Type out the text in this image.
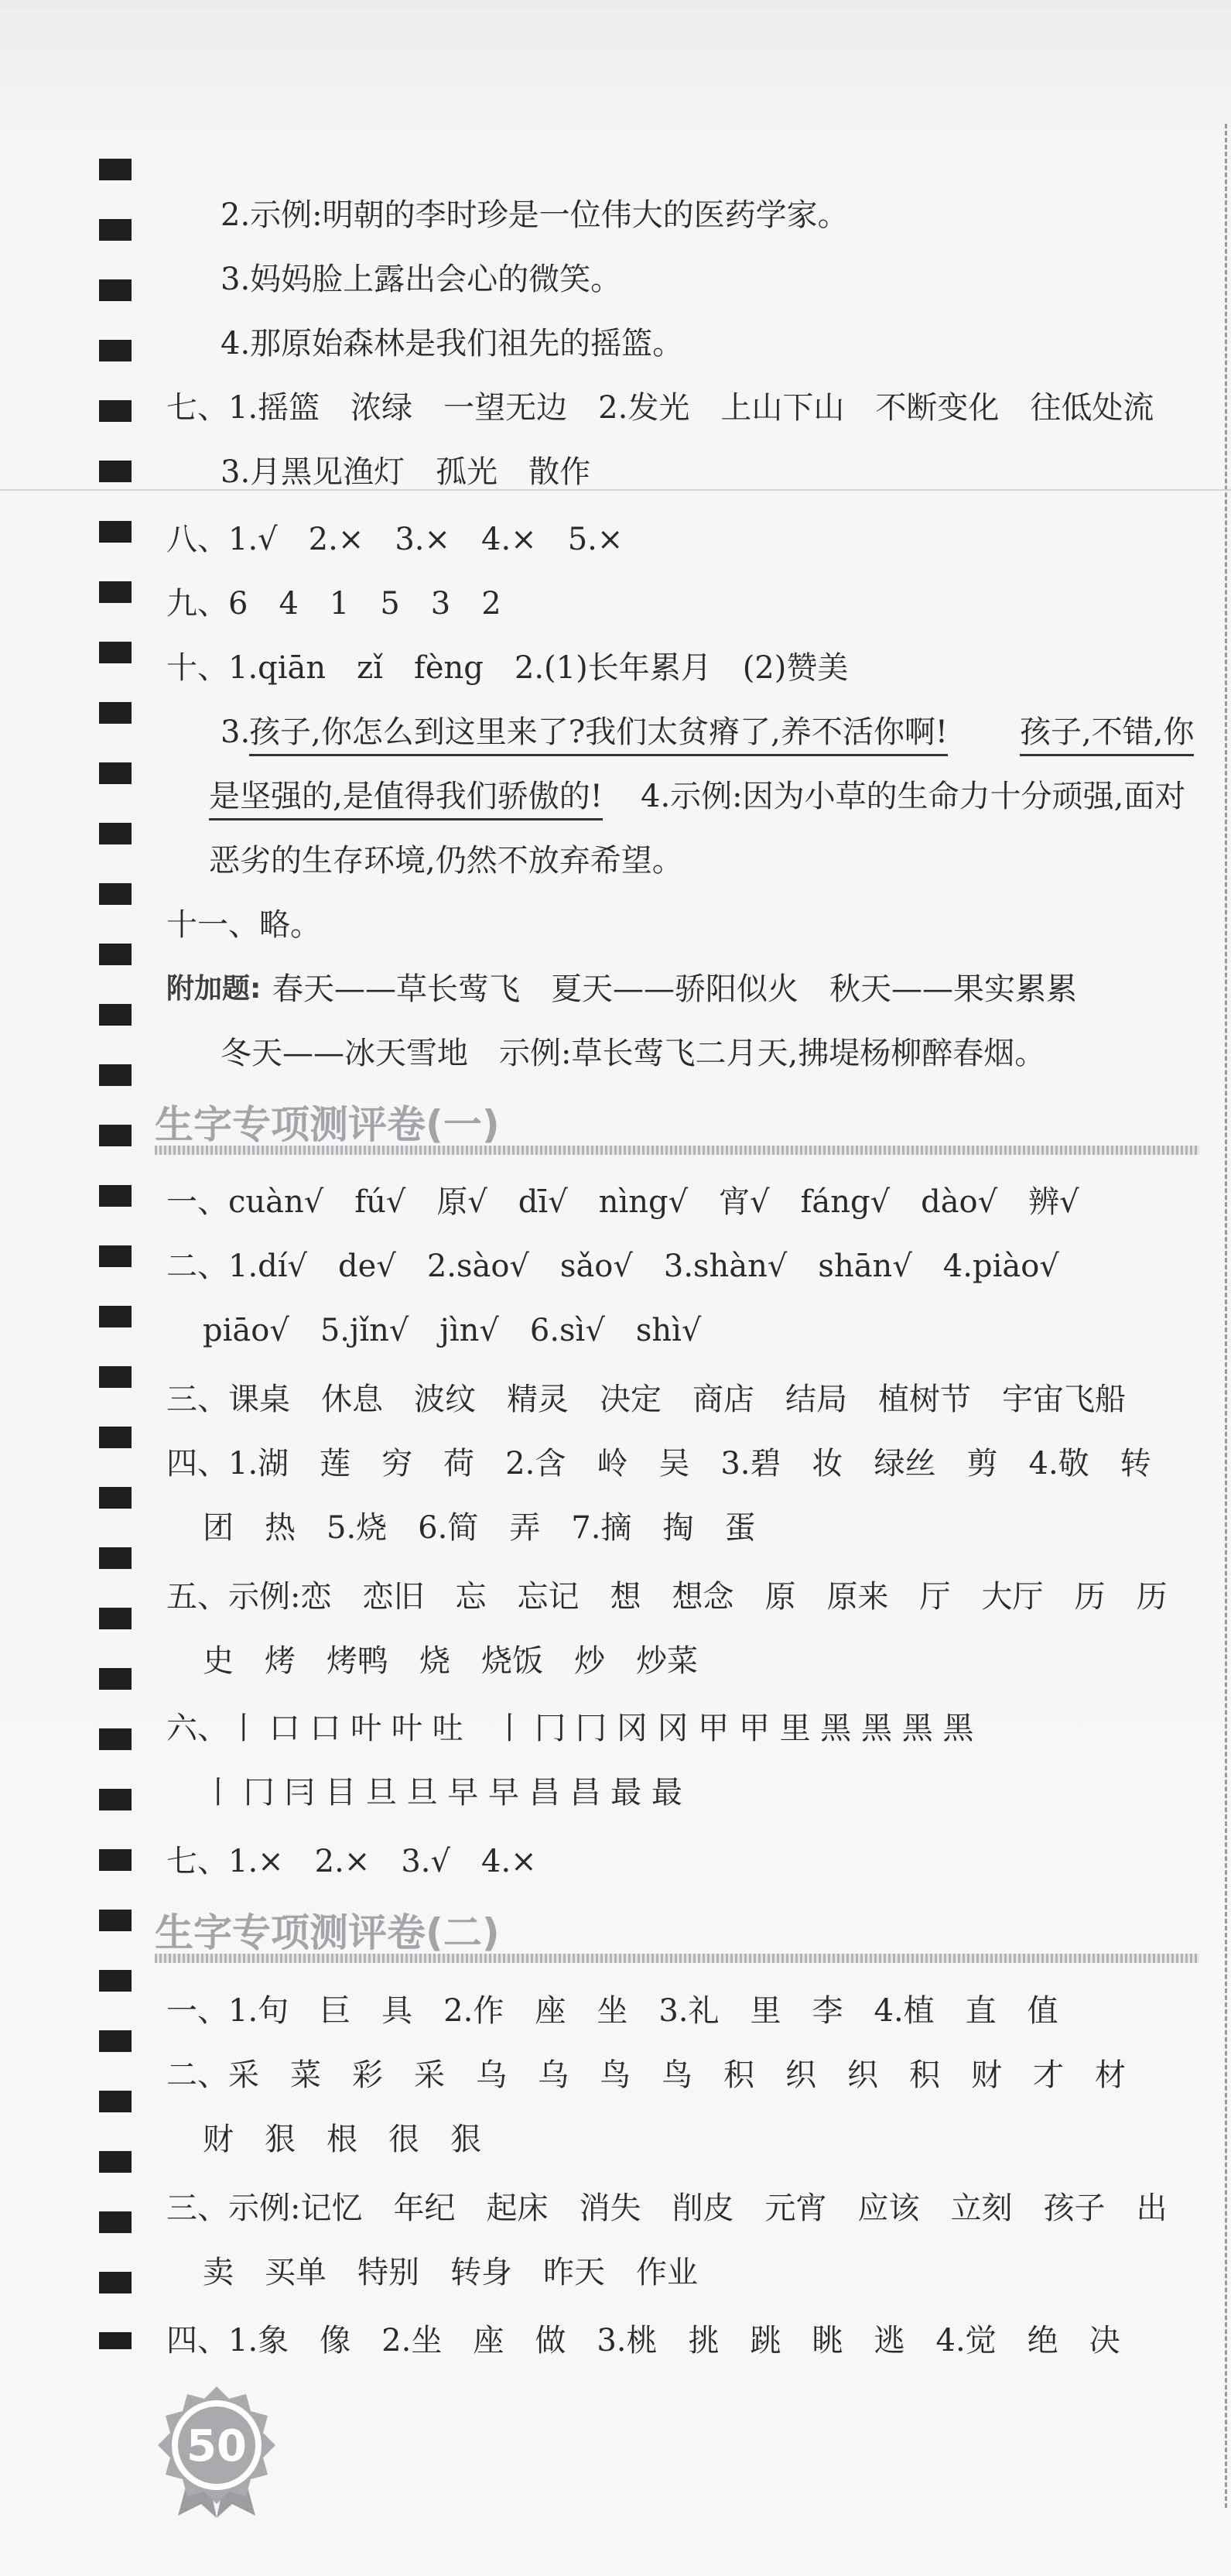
2.示例:明朝的李时珍是一位伟大的医药学家。
3.妈妈脸上露出会心的微笑。
4.那原始森林是我们祖先的摇篮。
七、1.摇篮　浓绿　一望无边　2.发光　上山下山　不断变化　往低处流
3.月黑见渔灯　孤光　散作
八、1.√　2.×　3.×　4.×　5.×
九、6　4　1　5　3　2
十、1.qiān　zǐ　fèng　2.(1)长年累月　(2)赞美
3.
孩子,你怎么到这里来了?我们太贫瘠了,养不活你啊! 孩子,不错,你
是坚强的,是值得我们骄傲的! 4.示例:因为小草的生命力十分顽强,面对
恶劣的生存环境,仍然不放弃希望。
十一、略。
附加题: 春天——草长莺飞　夏天——骄阳似火　秋天——果实累累
冬天——冰天雪地　示例:草长莺飞二月天,拂堤杨柳醉春烟。
一、cuàn√　fú√　原√　dī√　nìng√　宵√　fáng√　dào√　辨√
二、1.dí√　de√　2.sào√　sǎo√　3.shàn√　shān√　4.piào√
piāo√　5.jǐn√　jìn√　6.sì√　shì√
三、课桌　休息　波纹　精灵　决定　商店　结局　植树节　宇宙飞船
四、1.湖　莲　穷　荷　2.含　岭　吴　3.碧　妆　绿丝　剪　4.敬　转
团　热　5.烧　6.简　弄　7.摘　掏　蛋
五、示例:恋　恋旧　忘　忘记　想　想念　原　原来　厅　大厅　历　历
史　烤　烤鸭　烧　烧饭　炒　炒菜
六、丨 口 口 叶 叶 吐　丨 冂 冂 冈 冈 甲 甲 里 黑 黑 黑 黑
丨 冂 冃 目 旦 旦 早 早 昌 昌 最 最
七、1.×　2.×　3.√　4.×
一、1.句　巨　具　2.作　座　坐　3.礼　里　李　4.植　直　值
二、采　菜　彩　采　乌　乌　鸟　鸟　积　织　织　积　财　才　材
财　狠　根　很　狠
三、示例:记忆　年纪　起床　消失　削皮　元宵　应该　立刻　孩子　出
卖　买单　特别　转身　昨天　作业
四、1.象　像　2.坐　座　做　3.桃　挑　跳　眺　逃　4.觉　绝　决
生字专项测评卷(一)
生字专项测评卷(二)
50
